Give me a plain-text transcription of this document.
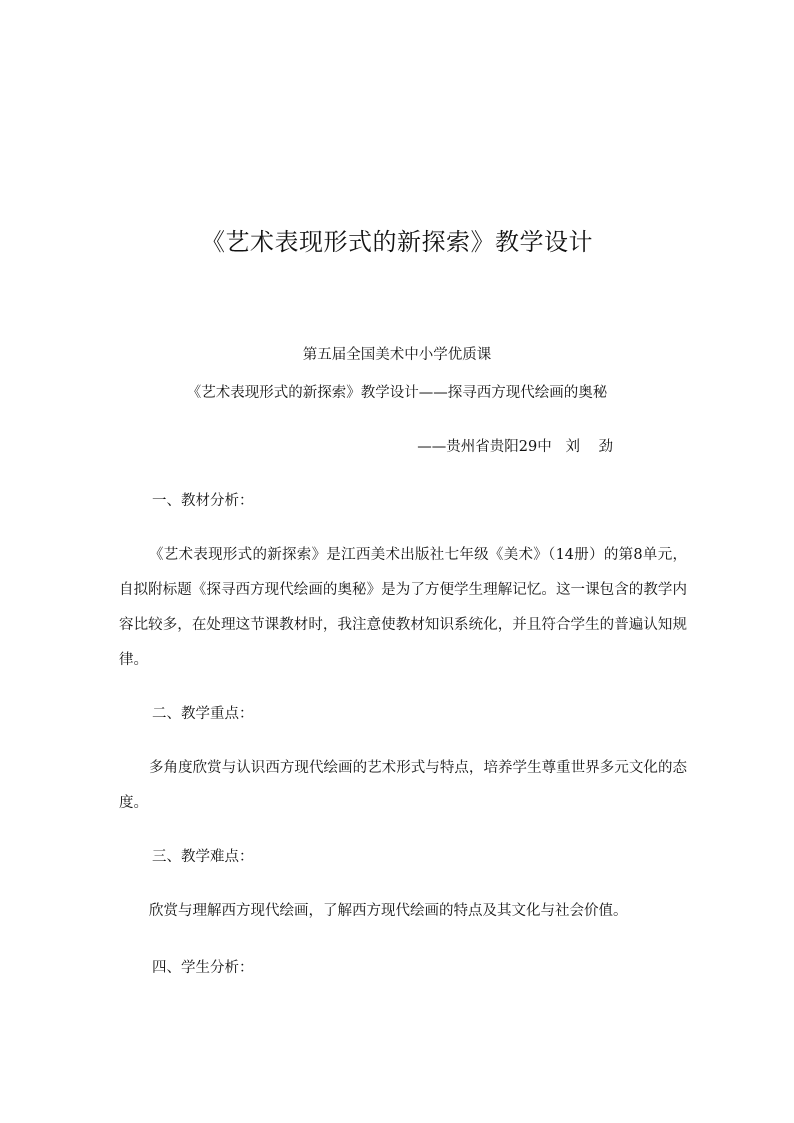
《艺术表现形式的新探索》教学设计
第五届全国美术中小学优质课
《艺术表现形式的新探索》教学设计——探寻西方现代绘画的奥秘
——贵州省贵阳29中   刘    劲
一、教材分析：
《艺术表现形式的新探索》是江西美术出版社七年级《美术》（14册）的第8单元，自拟附标题《探寻西方现代绘画的奥秘》是为了方便学生理解记忆。这一课包含的教学内容比较多，在处理这节课教材时，我注意使教材知识系统化，并且符合学生的普遍认知规律。
二、教学重点：
多角度欣赏与认识西方现代绘画的艺术形式与特点，培养学生尊重世界多元文化的态度。
三、教学难点：
欣赏与理解西方现代绘画，了解西方现代绘画的特点及其文化与社会价值。
四、学生分析：
